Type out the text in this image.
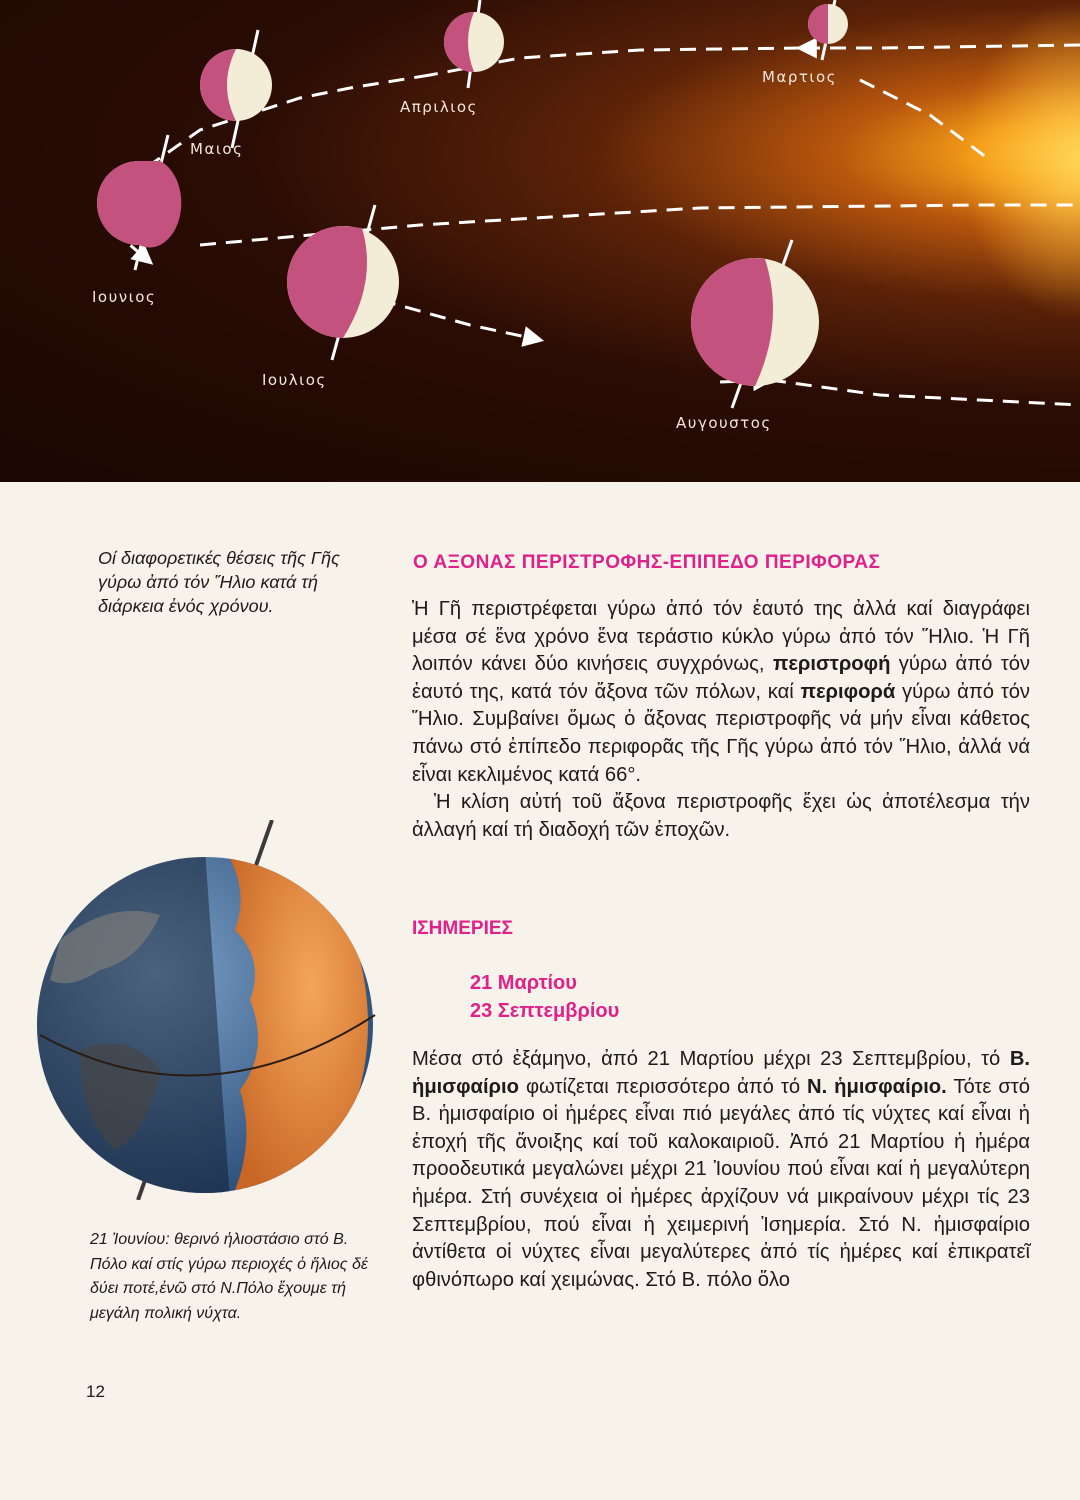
Μαρτιος
Απριλιος
Μαιος
Ιουνιος
Ιουλιος
Αυγουστος
Οί διαφορετικές θέσεις τῆς Γῆς γύρω ἀπό τόν Ἥλιο κατά τή διάρκεια ἑνός χρόνου.
21 Ἰουνίου: θερινό ἡλιοστάσιο στό Β. Πόλο καί στίς γύρω περιοχές ὁ ἥλιος δέ δύει ποτέ,ἐνῶ στό Ν.Πόλο ἔχουμε τή μεγάλη πολική νύχτα.
12
Ο ΑΞΟΝΑΣ ΠΕΡΙΣΤΡΟΦΗΣ-ΕΠΙΠΕΔΟ ΠΕΡΙΦΟΡΑΣ
Ἡ Γῆ περιστρέφεται γύρω ἀπό τόν ἑαυτό της ἀλλά καί διαγράφει μέσα σέ ἕνα χρόνο ἕνα τεράστιο κύκλο γύρω ἀπό τόν Ἥλιο. Ἡ Γῆ λοιπόν κάνει δύο κινήσεις συγχρόνως, περιστροφή γύρω ἀπό τόν ἑαυτό της, κατά τόν ἄξονα τῶν πόλων, καί περιφορά γύρω ἀπό τόν Ἥλιο. Συμβαίνει ὅμως ὁ ἄξονας περιστροφῆς νά μήν εἶναι κάθετος πάνω στό ἐπίπεδο περιφορᾶς τῆς Γῆς γύρω ἀπό τόν Ἥλιο, ἀλλά νά εἶναι κεκλιμένος κατά 66°.
Ἡ κλίση αὐτή τοῦ ἄξονα περιστροφῆς ἔχει ὡς ἀποτέλεσμα τήν ἀλλαγή καί τή διαδοχή τῶν ἐποχῶν.
ΙΣΗΜΕΡΙΕΣ
21 Μαρτίου
23 Σεπτεμβρίου
Μέσα στό ἑξάμηνο, ἀπό 21 Μαρτίου μέχρι 23 Σεπτεμβρίου, τό Β. ἡμισφαίριο φωτίζεται περισσότερο ἀπό τό Ν. ἡμισφαίριο. Τότε στό Β. ἡμισφαίριο οἱ ἡμέρες εἶναι πιό μεγάλες ἀπό τίς νύχτες καί εἶναι ἡ ἐποχή τῆς ἄνοιξης καί τοῦ καλοκαιριοῦ. Ἀπό 21 Μαρτίου ἡ ἡμέρα προοδευτικά μεγαλώνει μέχρι 21 Ἰουνίου πού εἶναι καί ἡ μεγαλύτερη ἡμέρα. Στή συνέχεια οἱ ἡμέρες ἀρχίζουν νά μικραίνουν μέχρι τίς 23 Σεπτεμβρίου, πού εἶναι ἡ χειμερινή Ἰσημερία. Στό Ν. ἡμισφαίριο ἀντίθετα οἱ νύχτες εἶναι μεγαλύτερες ἀπό τίς ἡμέρες καί ἐπικρατεῖ φθινόπωρο καί χειμώνας. Στό Β. πόλο ὅλο
